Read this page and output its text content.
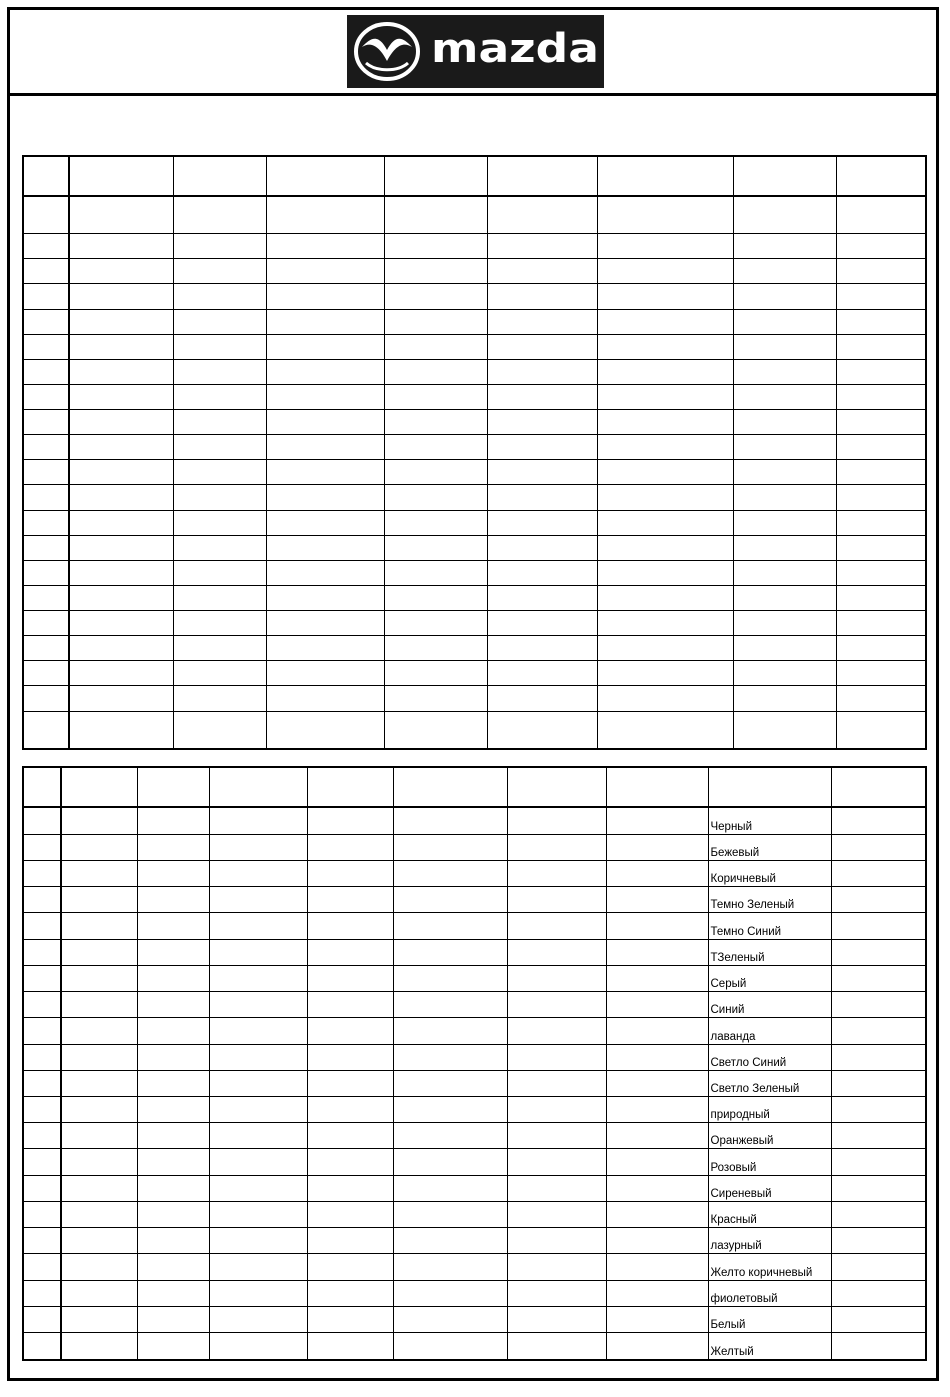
mazda

								Черный	
								Бежевый	
								Коричневый	
								Темно Зеленый	
								Темно Синий	
								ТЗеленый	
								Серый	
								Синий	
								лаванда	
								Светло Синий	
								Светло Зеленый	
								природный	
								Оранжевый	
								Розовый	
								Сиреневый	
								Красный	
								лазурный	
								Желто коричневый	
								фиолетовый	
								Белый	
								Желтый	
